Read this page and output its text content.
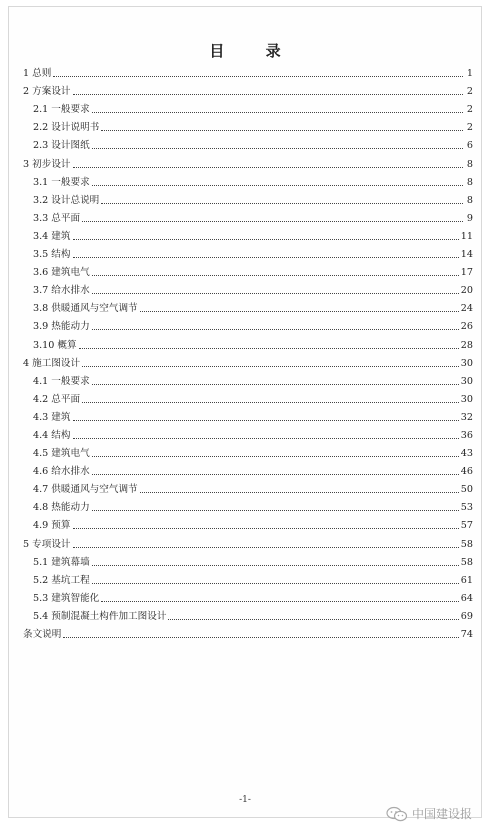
目 录
1 总则	1
2 方案设计	2
2.1 一般要求	2
2.2 设计说明书	2
2.3 设计图纸	6
3 初步设计	8
3.1 一般要求	8
3.2 设计总说明	8
3.3 总平面	9
3.4 建筑	11
3.5 结构	14
3.6 建筑电气	17
3.7 给水排水	20
3.8 供暖通风与空气调节	24
3.9 热能动力	26
3.10 概算	28
4 施工图设计	30
4.1 一般要求	30
4.2 总平面	30
4.3 建筑	32
4.4 结构	36
4.5 建筑电气	43
4.6 给水排水	46
4.7 供暖通风与空气调节	50
4.8 热能动力	53
4.9 预算	57
5 专项设计	58
5.1 建筑幕墙	58
5.2 基坑工程	61
5.3 建筑智能化	64
5.4 预制混凝土构件加工图设计	69
条文说明	74
-1-
中国建设报
